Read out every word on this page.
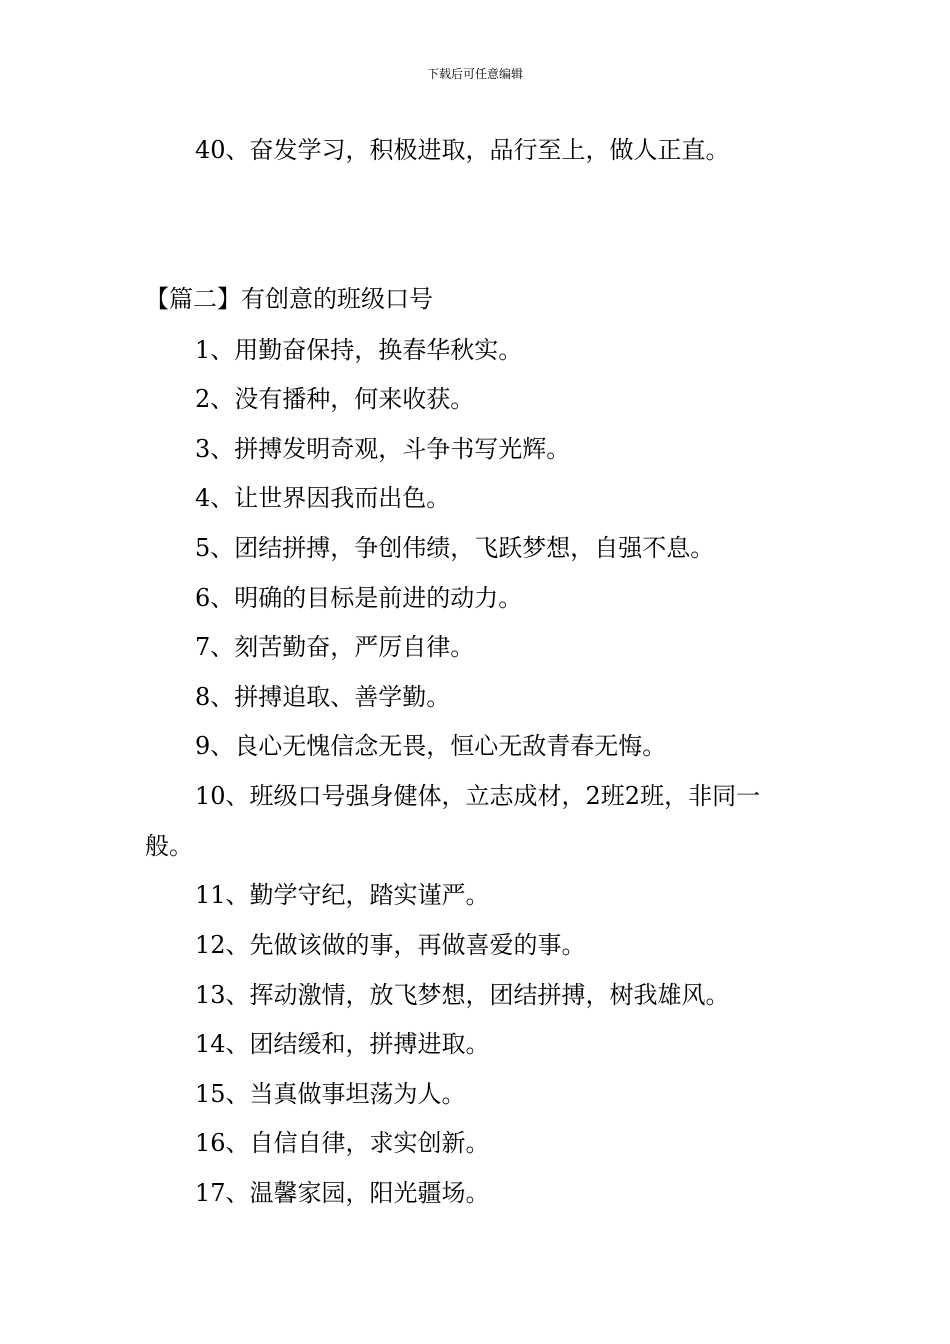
下载后可任意编辑
40、奋发学习，积极进取，品行至上，做人正直。
【篇二】有创意的班级口号
1、用勤奋保持，换春华秋实。
2、没有播种，何来收获。
3、拼搏发明奇观，斗争书写光辉。
4、让世界因我而出色。
5、团结拼搏，争创伟绩，飞跃梦想，自强不息。
6、明确的目标是前进的动力。
7、刻苦勤奋，严厉自律。
8、拼搏追取、善学勤。
9、良心无愧信念无畏，恒心无敌青春无悔。
10、班级口号强身健体，立志成材，2班2班，非同一
般。
11、勤学守纪，踏实谨严。
12、先做该做的事，再做喜爱的事。
13、挥动激情，放飞梦想，团结拼搏，树我雄风。
14、团结缓和，拼搏进取。
15、当真做事坦荡为人。
16、自信自律，求实创新。
17、温馨家园，阳光疆场。
